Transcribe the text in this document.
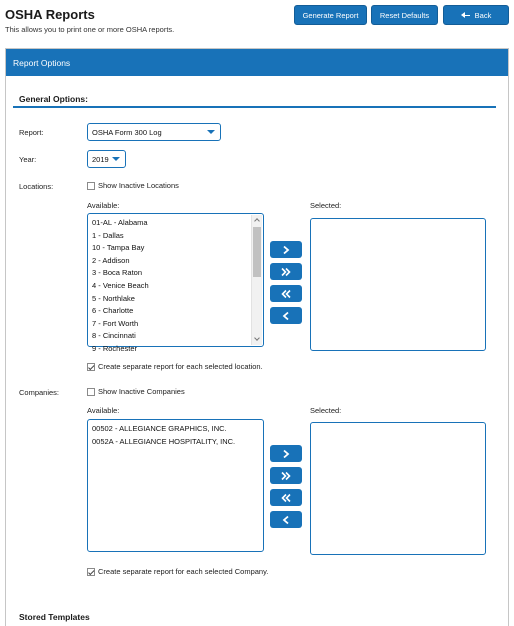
OSHA Reports
This allows you to print one or more OSHA reports.
Generate Report	Reset Defaults	Back
Report Options
General Options:
Report:	OSHA Form 300 Log
Year:	2019
Locations:	Show Inactive Locations
Available:	Selected:
01-AL - Alabama
1 - Dallas
10 - Tampa Bay
2 - Addison
3 - Boca Raton
4 - Venice Beach
5 - Northlake
6 - Charlotte
7 - Fort Worth
8 - Cincinnati
9 - Rochester
Create separate report for each selected location.
Companies:	Show Inactive Companies
Available:	Selected:
00502 - ALLEGIANCE GRAPHICS, INC.
0052A - ALLEGIANCE HOSPITALITY, INC.
Create separate report for each selected Company.
Stored Templates
